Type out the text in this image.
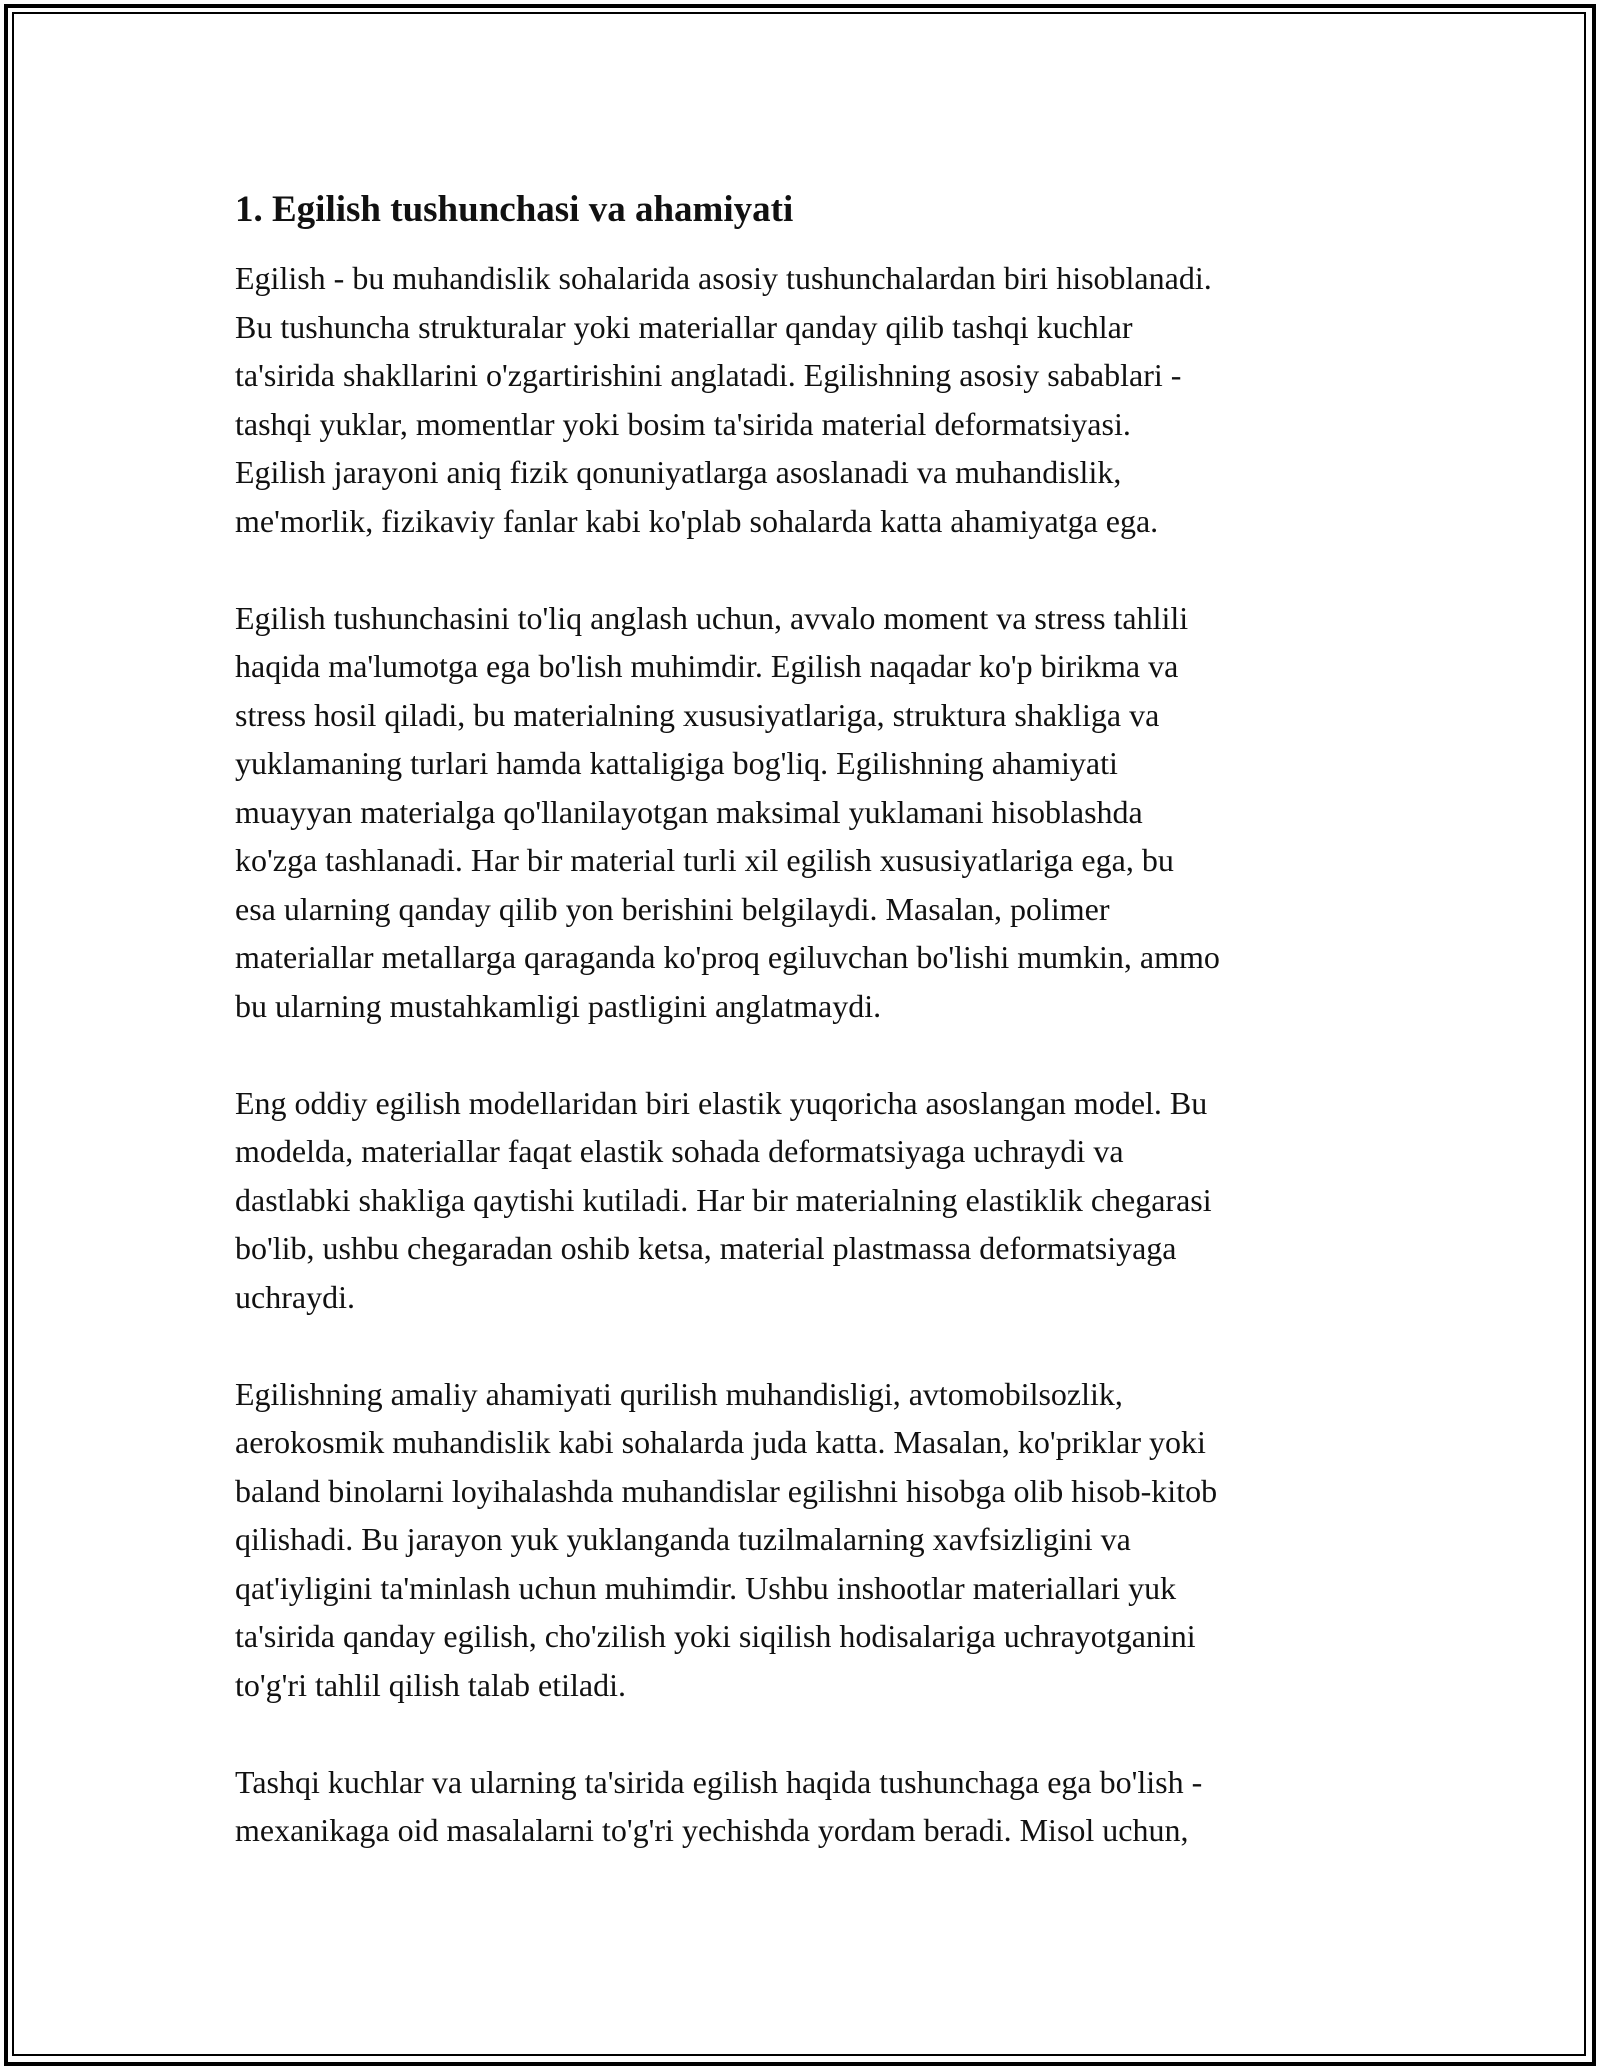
1. Egilish tushunchasi va ahamiyati

Egilish - bu muhandislik sohalarida asosiy tushunchalardan biri hisoblanadi.
Bu tushuncha strukturalar yoki materiallar qanday qilib tashqi kuchlar
ta'sirida shakllarini o'zgartirishini anglatadi. Egilishning asosiy sabablari -
tashqi yuklar, momentlar yoki bosim ta'sirida material deformatsiyasi.
Egilish jarayoni aniq fizik qonuniyatlarga asoslanadi va muhandislik,
me'morlik, fizikaviy fanlar kabi ko'plab sohalarda katta ahamiyatga ega.

Egilish tushunchasini to'liq anglash uchun, avvalo moment va stress tahlili
haqida ma'lumotga ega bo'lish muhimdir. Egilish naqadar ko'p birikma va
stress hosil qiladi, bu materialning xususiyatlariga, struktura shakliga va
yuklamaning turlari hamda kattaligiga bog'liq. Egilishning ahamiyati
muayyan materialga qo'llanilayotgan maksimal yuklamani hisoblashda
ko'zga tashlanadi. Har bir material turli xil egilish xususiyatlariga ega, bu
esa ularning qanday qilib yon berishini belgilaydi. Masalan, polimer
materiallar metallarga qaraganda ko'proq egiluvchan bo'lishi mumkin, ammo
bu ularning mustahkamligi pastligini anglatmaydi.

Eng oddiy egilish modellaridan biri elastik yuqoricha asoslangan model. Bu
modelda, materiallar faqat elastik sohada deformatsiyaga uchraydi va
dastlabki shakliga qaytishi kutiladi. Har bir materialning elastiklik chegarasi
bo'lib, ushbu chegaradan oshib ketsa, material plastmassa deformatsiyaga
uchraydi.

Egilishning amaliy ahamiyati qurilish muhandisligi, avtomobilsozlik,
aerokosmik muhandislik kabi sohalarda juda katta. Masalan, ko'priklar yoki
baland binolarni loyihalashda muhandislar egilishni hisobga olib hisob-kitob
qilishadi. Bu jarayon yuk yuklanganda tuzilmalarning xavfsizligini va
qat'iyligini ta'minlash uchun muhimdir. Ushbu inshootlar materiallari yuk
ta'sirida qanday egilish, cho'zilish yoki siqilish hodisalariga uchrayotganini
to'g'ri tahlil qilish talab etiladi.

Tashqi kuchlar va ularning ta'sirida egilish haqida tushunchaga ega bo'lish -
mexanikaga oid masalalarni to'g'ri yechishda yordam beradi. Misol uchun,
